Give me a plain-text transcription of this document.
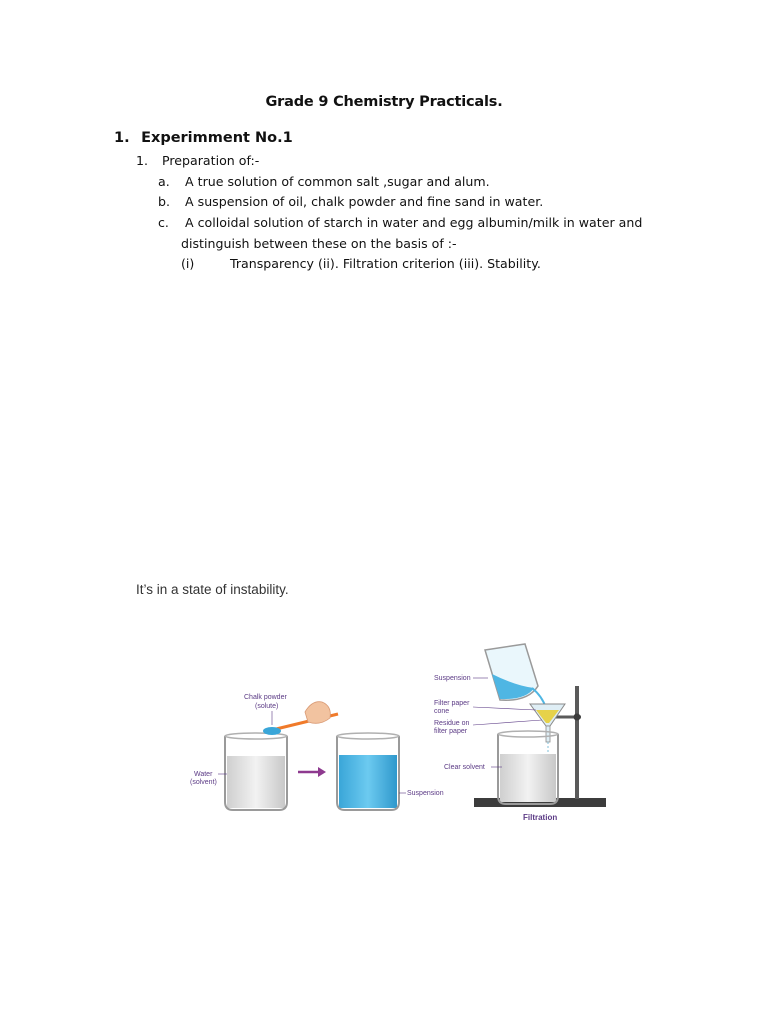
Grade 9 Chemistry Practicals.
1. Experimment No.1
1. Preparation of:-
a. A true solution of common salt ,sugar and alum.
b. A suspension of oil, chalk powder and fine sand in water.
c. A colloidal solution of starch in water and egg albumin/milk in water and
distinguish between these on the basis of :-
(i)	Transparency (ii). Filtration criterion (iii). Stability.
It’s in a state of instability.
Chalk powder
(solute)
Water
(solvent)
Suspension
Suspension
Filter paper
cone
Residue on
filter paper
Clear solvent
Filtration
